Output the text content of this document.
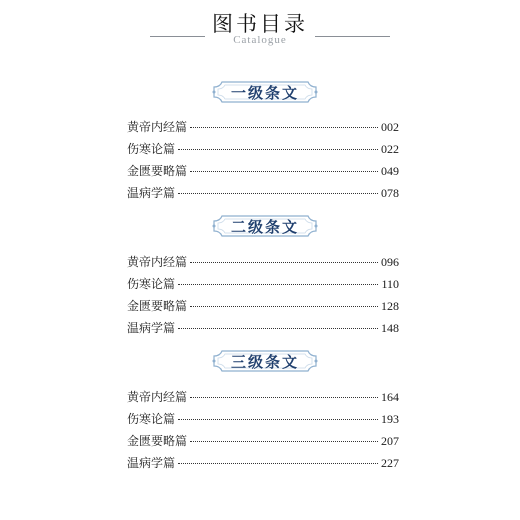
图书目录
Catalogue
一级条文
黄帝内经篇	002
伤寒论篇	022
金匮要略篇	049
温病学篇	078
二级条文
黄帝内经篇	096
伤寒论篇	110
金匮要略篇	128
温病学篇	148
三级条文
黄帝内经篇	164
伤寒论篇	193
金匮要略篇	207
温病学篇	227
